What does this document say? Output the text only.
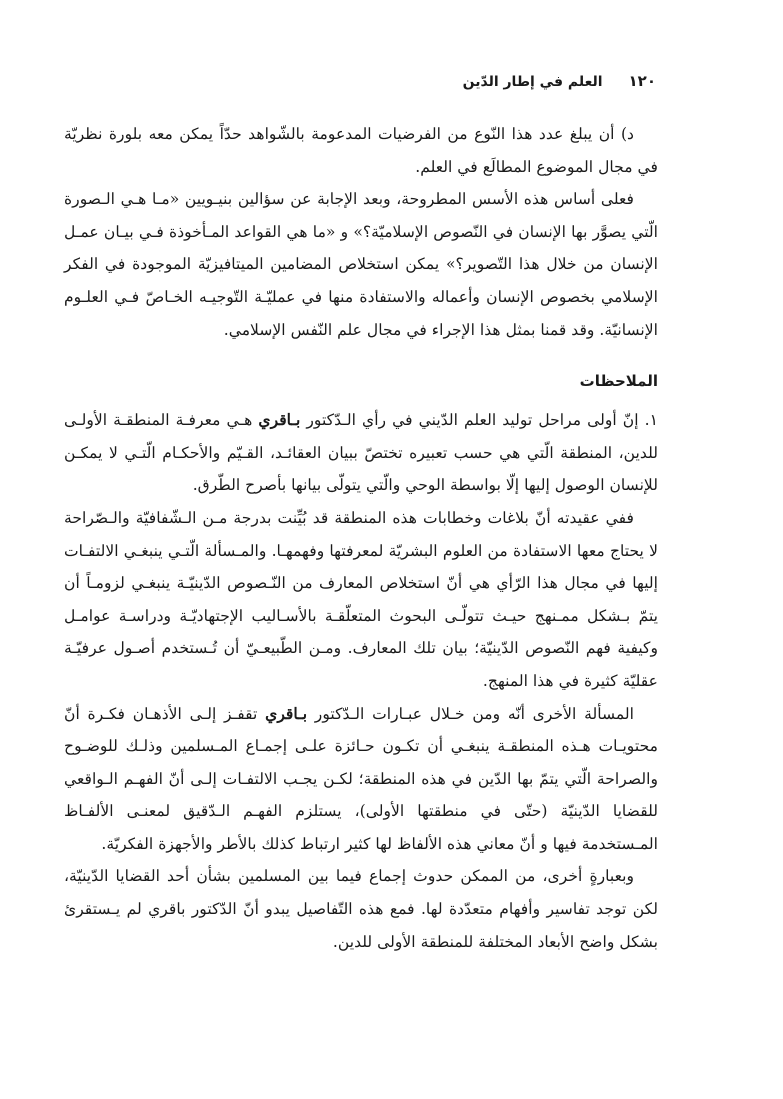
١٢٠
العلم في إطار الدّين

د) أن يبلغ عدد هذا النّوع من الفرضيات المدعومة بالشّواهد حدّاً يمكن معه بلورة نظريّة في مجال الموضوع المطالَع في العلم.

فعلى أساس هذه الأسس المطروحة، وبعد الإجابة عن سؤالين بنيـويين «مـا هـي الـصورة الّتي يصوَّر بها الإنسان في النّصوص الإسلاميّة؟» و «ما هي القواعد المـأخوذة فـي بيـان عمـل الإنسان من خلال هذا التّصوير؟» يمكن استخلاص المضامين الميتافيزيّة الموجودة في الفكر الإسلامي بخصوص الإنسان وأعماله والاستفادة منها في عمليّـة التّوجيـه الخـاصّ فـي العلـوم الإنسانيّة. وقد قمنا بمثل هذا الإجراء في مجال علم النّفس الإسلامي.

الملاحظات

١. إنّ أولى مراحل توليد العلم الدّيني في رأي الـدّكتور بـاقري هـي معرفـة المنطقـة الأولـى للدين، المنطقة الّتي هي حسب تعبيره تختصّ ببيان العقائـد، القـيّم والأحكـام الّتـي لا يمكـن للإنسان الوصول إليها إلّا بواسطة الوحي والّتي يتولّى بيانها بأصرح الطّرق.

ففي عقيدته أنّ بلاغات وخطابات هذه المنطقة قد بُيِّنت بدرجة مـن الـشّفافيّة والـصّراحة لا يحتاج معها الاستفادة من العلوم البشريّة لمعرفتها وفهمهـا. والمـسألة الّتـي ينبغـي الالتفـات إليها في مجال هذا الرّأي هي أنّ استخلاص المعارف من النّـصوص الدّينيّـة ينبغـي لزومـاً أن يتمّ بـشكل ممـنهج حيـث تتولّـى البحوث المتعلّقـة بالأسـاليب الإجتهاديّـة ودراسـة عوامـل وكيفية فهم النّصوص الدّينيّة؛ بيان تلك المعارف. ومـن الطّبيعـيّ أن تُـستخدم أصـول عرفيّـة عقليّة كثيرة في هذا المنهج.

المسألة الأخرى أنّه ومن خـلال عبـارات الـدّكتور بـاقري تقفـز إلـى الأذهـان فكـرة أنّ محتويـات هـذه المنطقـة ينبغـي أن تكـون حـائزة علـى إجمـاع المـسلمين وذلـك للوضـوح والصراحة الّتي يتمّ بها الدّين في هذه المنطقة؛ لكـن يجـب الالتفـات إلـى أنّ الفهـم الـواقعي للقضايا الدّينيّة (حتّى في منطقتها الأولى)، يستلزم الفهـم الـدّقيق لمعنـى الألفـاظ المـستخدمة فيها و أنّ معاني هذه الألفاظ لها كثير ارتباط كذلك بالأطر والأجهزة الفكريّة.

وبعبارةٍ أخرى، من الممكن حدوث إجماع فيما بين المسلمين بشأن أحد القضايا الدّينيّة، لكن توجد تفاسير وأفهام متعدّدة لها. فمع هذه التّفاصيل يبدو أنّ الدّكتور باقري لم يـستقرئ بشكل واضح الأبعاد المختلفة للمنطقة الأولى للدين.
